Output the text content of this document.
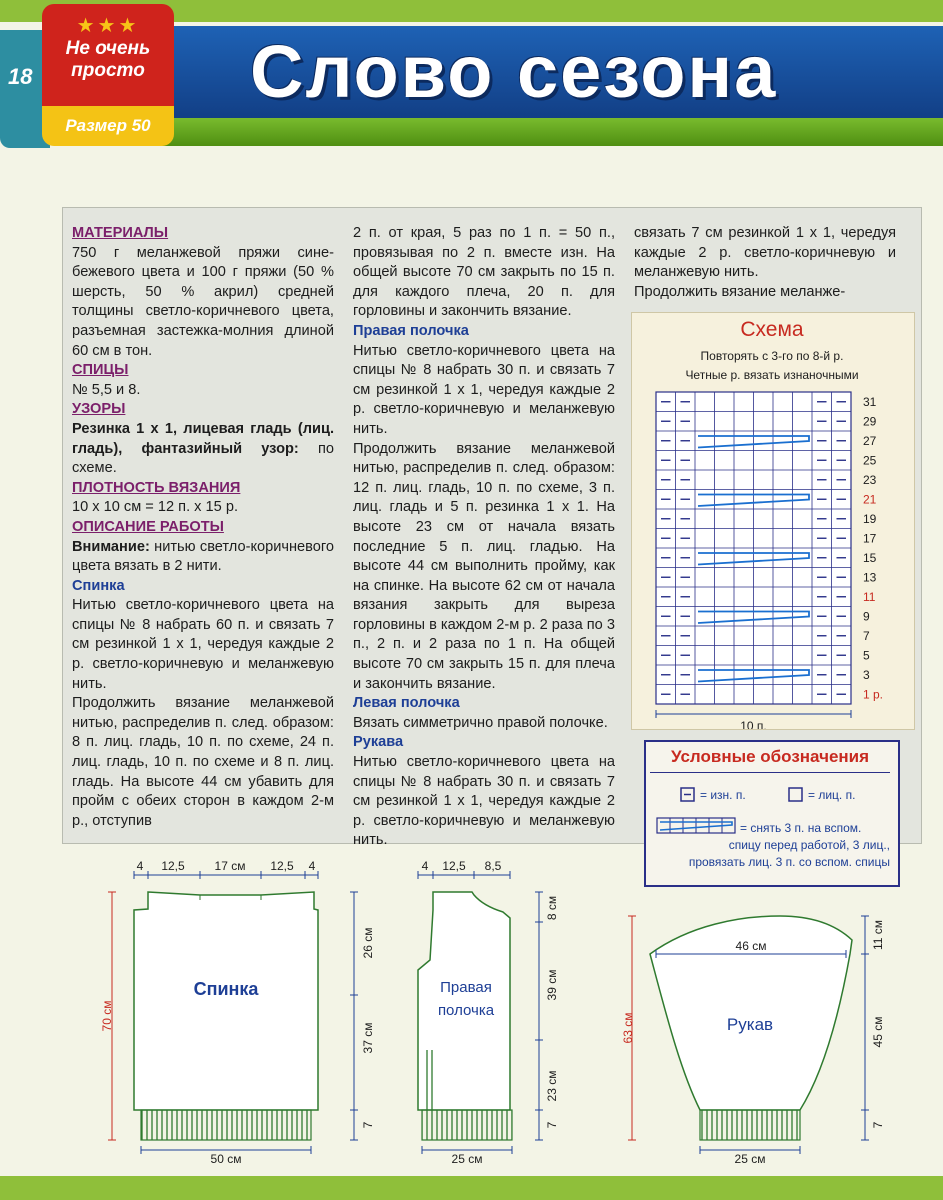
18
★★★
Не очень
просто
Размер 50
Слово сезона
МАТЕРИАЛЫ
750 г меланжевой пряжи сине-бежевого цвета и 100 г пряжи (50 % шерсть, 50 % акрил) средней толщины светло-коричневого цвета, разъемная застежка-молния длиной 60 см в тон.
СПИЦЫ
№ 5,5 и 8.
УЗОРЫ
Резинка 1 х 1, лицевая гладь (лиц. гладь), фантазийный узор: по схеме.
ПЛОТНОСТЬ ВЯЗАНИЯ
10 х 10 см = 12 п. х 15 р.
ОПИСАНИЕ РАБОТЫ
Внимание: нитью светло-коричневого цвета вязать в 2 нити.
Спинка
Нитью светло-коричневого цвета на спицы № 8 набрать 60 п. и связать 7 см резинкой 1 х 1, чередуя каждые 2 р. светло-коричневую и меланжевую нить.
Продолжить вязание меланжевой нитью, распределив п. след. образом: 8 п. лиц. гладь, 10 п. по схеме, 24 п. лиц. гладь, 10 п. по схеме и 8 п. лиц. гладь. На высоте 44 см убавить для пройм с обеих сторон в каждом 2-м р., отступив
2 п. от края, 5 раз по 1 п. = 50 п., провязывая по 2 п. вместе изн. На общей высоте 70 см закрыть по 15 п. для каждого плеча, 20 п. для горловины и закончить вязание.
Правая полочка
Нитью светло-коричневого цвета на спицы № 8 набрать 30 п. и связать 7 см резинкой 1 х 1, чередуя каждые 2 р. светло-коричневую и меланжевую нить.
Продолжить вязание меланжевой нитью, распределив п. след. образом: 12 п. лиц. гладь, 10 п. по схеме, 3 п. лиц. гладь и 5 п. резинка 1 х 1. На высоте 23 см от начала вязать последние 5 п. лиц. гладью. На высоте 44 см выполнить пройму, как на спинке. На высоте 62 см от начала вязания закрыть для выреза горловины в каждом 2-м р. 2 раза по 3 п., 2 п. и 2 раза по 1 п. На общей высоте 70 см закрыть 15 п. для плеча и закончить вязание.
Левая полочка
Вязать симметрично правой полочке.
Рукава
Нитью светло-коричневого цвета на спицы № 8 набрать 30 п. и связать 7 см резинкой 1 х 1, чередуя каждые 2 р. светло-коричневую и меланжевую нить.
связать 7 см резинкой 1 х 1, чередуя каждые 2 р. светло-коричневую и меланжевую нить.
Продолжить вязание меланже-
Схема
Повторять с 3-го по 8-й р.
Четные р. вязать изнаночными
31
29
27
25
23
21
19
17
15
13
11
9
7
5
3
1 р.
10 п.
Условные обозначения
= изн. п.	= лиц. п.
= снять 3 п. на вспом.
спицу перед работой, 3 лиц.,
провязать лиц. 3 п. со вспом. спицы
4 12,5 17 см 12,5 4
26 см
37 см
7
70 см
50 см
Спинка
4 12,5 8,5
8 см
39 см
23 см
7
25 см
Правая
полочка
46 см	11 см
45 см
7
63 см
25 см
Рукав
